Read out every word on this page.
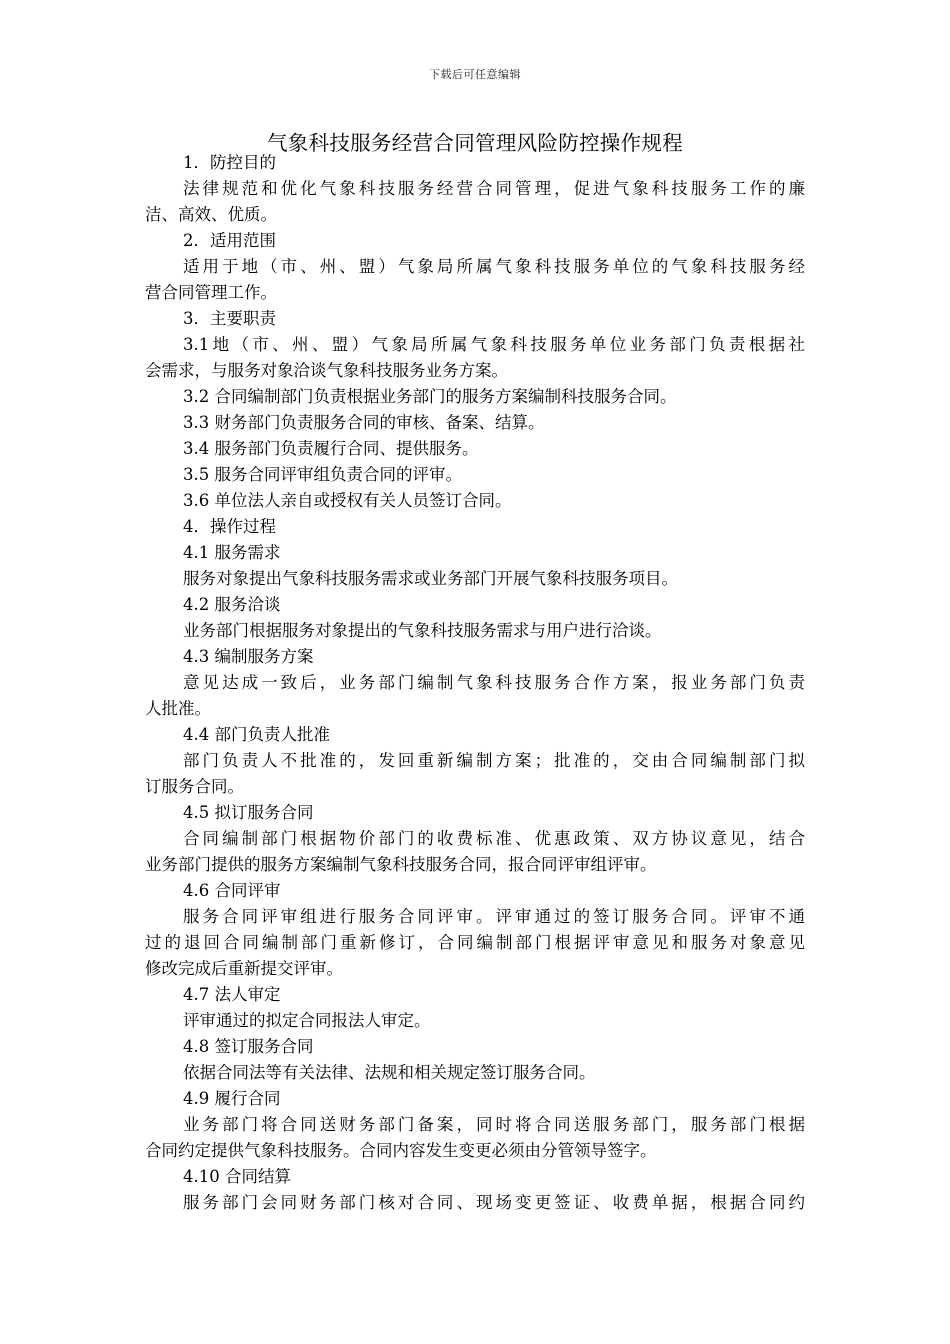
下载后可任意编辑
气象科技服务经营合同管理风险防控操作规程
1．防控目的
法律规范和优化气象科技服务经营合同管理，促进气象科技服务工作的廉
洁、高效、优质。
2．适用范围
适用于地（市、州、盟）气象局所属气象科技服务单位的气象科技服务经
营合同管理工作。
3．主要职责
3.1地（市、州、盟）气象局所属气象科技服务单位业务部门负责根据社
会需求，与服务对象洽谈气象科技服务业务方案。
3.2 合同编制部门负责根据业务部门的服务方案编制科技服务合同。
3.3 财务部门负责服务合同的审核、备案、结算。
3.4 服务部门负责履行合同、提供服务。
3.5 服务合同评审组负责合同的评审。
3.6 单位法人亲自或授权有关人员签订合同。
4．操作过程
4.1 服务需求
服务对象提出气象科技服务需求或业务部门开展气象科技服务项目。
4.2 服务洽谈
业务部门根据服务对象提出的气象科技服务需求与用户进行洽谈。
4.3 编制服务方案
意见达成一致后，业务部门编制气象科技服务合作方案，报业务部门负责
人批准。
4.4 部门负责人批准
部门负责人不批准的，发回重新编制方案；批准的，交由合同编制部门拟
订服务合同。
4.5 拟订服务合同
合同编制部门根据物价部门的收费标准、优惠政策、双方协议意见，结合
业务部门提供的服务方案编制气象科技服务合同，报合同评审组评审。
4.6 合同评审
服务合同评审组进行服务合同评审。评审通过的签订服务合同。评审不通
过的退回合同编制部门重新修订，合同编制部门根据评审意见和服务对象意见
修改完成后重新提交评审。
4.7 法人审定
评审通过的拟定合同报法人审定。
4.8 签订服务合同
依据合同法等有关法律、法规和相关规定签订服务合同。
4.9 履行合同
业务部门将合同送财务部门备案，同时将合同送服务部门，服务部门根据
合同约定提供气象科技服务。合同内容发生变更必须由分管领导签字。
4.10 合同结算
服务部门会同财务部门核对合同、现场变更签证、收费单据，根据合同约
